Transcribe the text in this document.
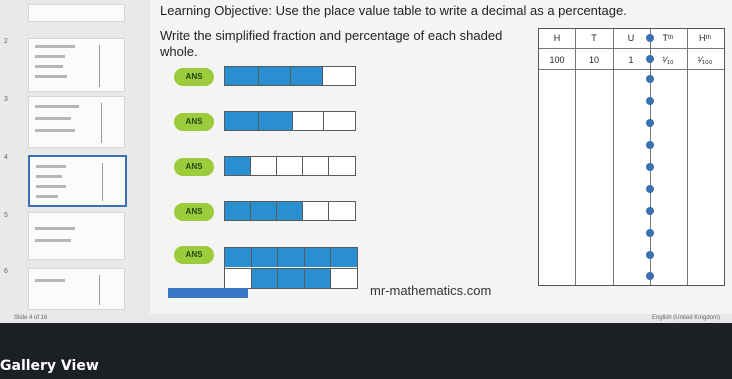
2
3
4
5
6
Learning Objective: Use the place value table to write a decimal as a percentage.
Write the simplified fraction and percentage of each shaded whole.
ANS
ANS
ANS
ANS
ANS
mr-mathematics.com
H	T	U	Tᵗʰ	Hᵗʰ
100	10	1	¹⁄₁₀	¹⁄₁₀₀
Slide 4 of 16	English (United Kingdom)
Gallery View
